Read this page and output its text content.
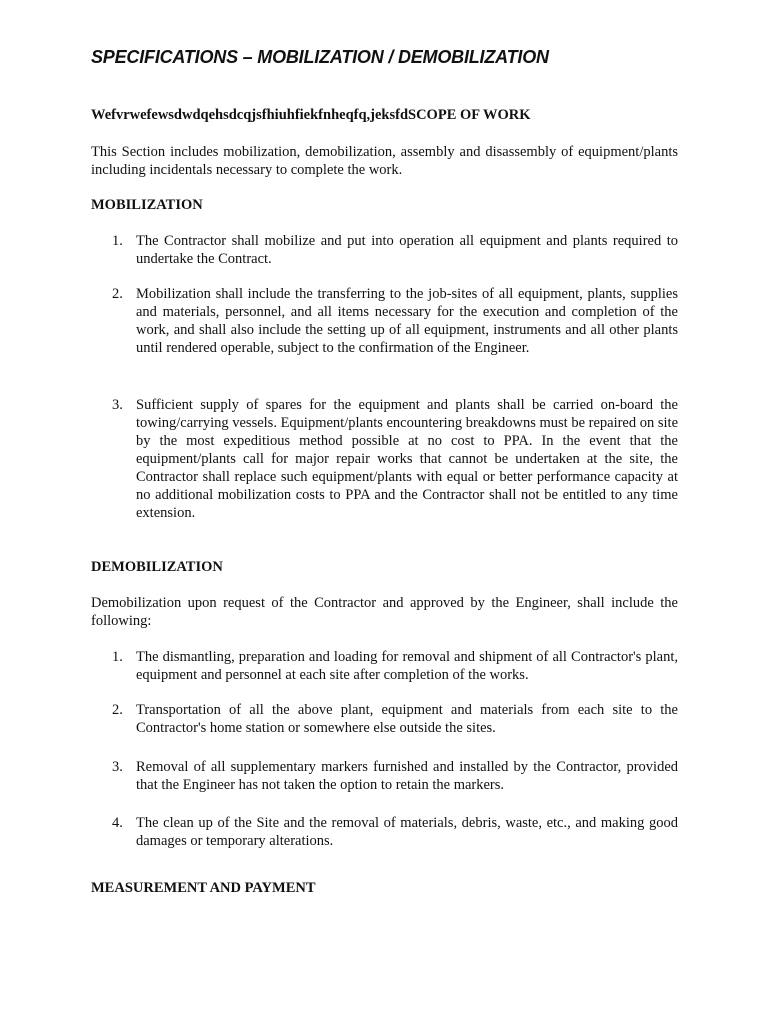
SPECIFICATIONS – MOBILIZATION / DEMOBILIZATION
Wefvrwefewsdwdqehsdcqjsfhiuhfiekfnheqfq,jeksfdSCOPE OF WORK

This Section includes mobilization, demobilization, assembly and disassembly of equipment/plants including incidentals necessary to complete the work.

MOBILIZATION
1. The Contractor shall mobilize and put into operation all equipment and plants required to undertake the Contract.
2. Mobilization shall include the transferring to the job-sites of all equipment, plants, supplies and materials, personnel, and all items necessary for the execution and completion of the work, and shall also include the setting up of all equipment, instruments and all other plants until rendered operable, subject to the confirmation of the Engineer.
3. Sufficient supply of spares for the equipment and plants shall be carried on-board the towing/carrying vessels. Equipment/plants encountering breakdowns must be repaired on site by the most expeditious method possible at no cost to PPA. In the event that the equipment/plants call for major repair works that cannot be undertaken at the site, the Contractor shall replace such equipment/plants with equal or better performance capacity at no additional mobilization costs to PPA and the Contractor shall not be entitled to any time extension.
DEMOBILIZATION

Demobilization upon request of the Contractor and approved by the Engineer, shall include the following:

1. The dismantling, preparation and loading for removal and shipment of all Contractor's plant, equipment and personnel at each site after completion of the works.
2. Transportation of all the above plant, equipment and materials from each site to the Contractor's home station or somewhere else outside the sites.
3. Removal of all supplementary markers furnished and installed by the Contractor, provided that the Engineer has not taken the option to retain the markers.
4. The clean up of the Site and the removal of materials, debris, waste, etc., and making good damages or temporary alterations.
MEASUREMENT AND PAYMENT
